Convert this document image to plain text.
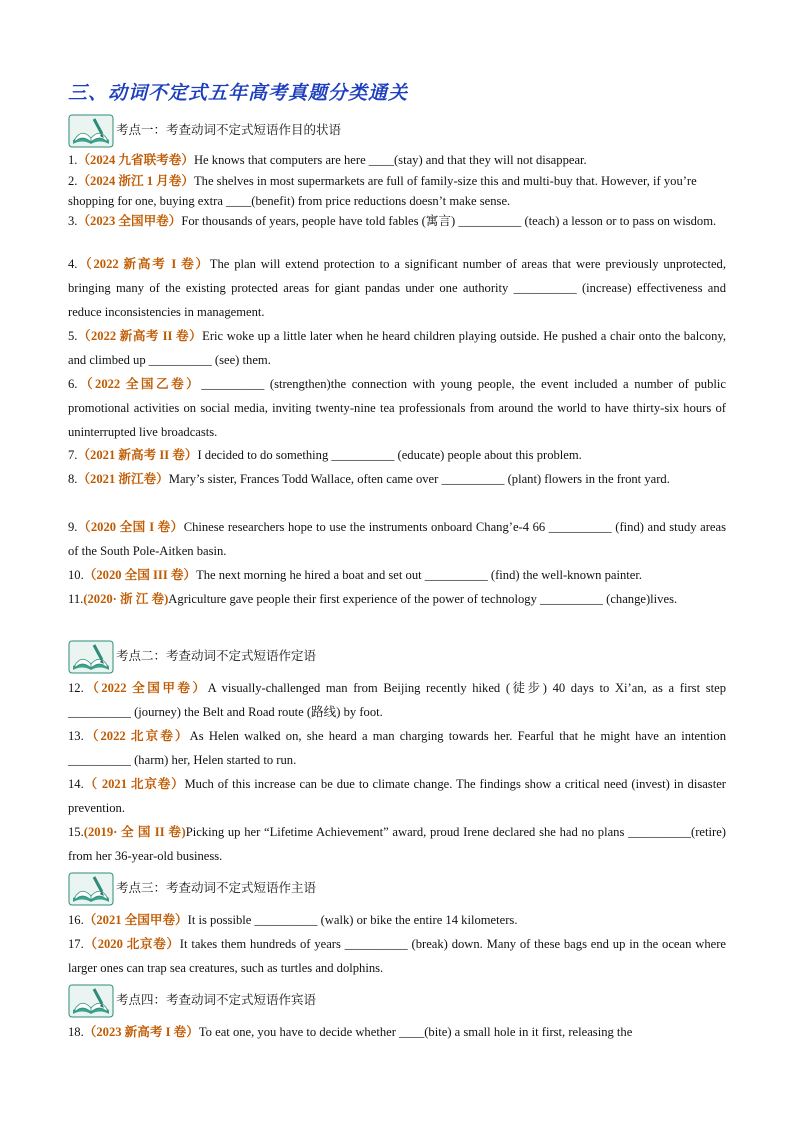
三、动词不定式五年高考真题分类通关
考点一：考查动词不定式短语作目的状语
1.（2024 九省联考卷）He knows that computers are here ____(stay) and that they will not disappear.
2.（2024 浙江 1 月卷）The shelves in most supermarkets are full of family-size this and multi-buy that. However, if you’re shopping for one, buying extra ____(benefit) from price reductions doesn’t make sense.
3.（2023 全国甲卷）For thousands of years, people have told fables (寓言) __________ (teach) a lesson or to pass on wisdom.
4.（2022 新高考 I 卷）The plan will extend protection to a significant number of areas that were previously unprotected, bringing many of the existing protected areas for giant pandas under one authority __________ (increase) effectiveness and reduce inconsistencies in management.
5.（2022 新高考 II 卷）Eric woke up a little later when he heard children playing outside. He pushed a chair onto the balcony, and climbed up __________ (see) them.
6.（2022 全国乙卷）__________ (strengthen)the connection with young people, the event included a number of public promotional activities on social media, inviting twenty-nine tea professionals from around the world to have thirty-six hours of uninterrupted live broadcasts.
7.（2021 新高考 II 卷）I decided to do something __________ (educate) people about this problem.
8.（2021 浙江卷）Mary’s sister, Frances Todd Wallace, often came over __________ (plant) flowers in the front yard.
9.（2020 全国 I 卷）Chinese researchers hope to use the instruments onboard Chang’e-4 66 __________ (find) and study areas of the South Pole-Aitken basin.
10.（2020 全国 III 卷）The next morning he hired a boat and set out __________ (find) the well-known painter.
11.(2020· 浙 江 卷)Agriculture gave people their first experience of the power of technology __________ (change)lives.
考点二：考查动词不定式短语作定语
12.（2022 全国甲卷）A visually-challenged man from Beijing recently hiked (徒步) 40 days to Xi’an, as a first step __________ (journey) the Belt and Road route (路线) by foot.
13.（2022 北京卷）As Helen walked on, she heard a man charging towards her. Fearful that he might have an intention __________ (harm) her, Helen started to run.
14.（ 2021 北京卷）Much of this increase can be due to climate change. The findings show a critical need (invest) in disaster prevention.
15.(2019· 全 国 II 卷)Picking up her “Lifetime Achievement” award, proud Irene declared she had no plans __________(retire) from her 36-year-old business.
考点三：考查动词不定式短语作主语
16.（2021 全国甲卷）It is possible __________ (walk) or bike the entire 14 kilometers.
17.（2020 北京卷）It takes them hundreds of years __________ (break) down. Many of these bags end up in the ocean where larger ones can trap sea creatures, such as turtles and dolphins.
考点四：考查动词不定式短语作宾语
18.（2023 新高考 I 卷）To eat one, you have to decide whether ____(bite) a small hole in it first, releasing the
